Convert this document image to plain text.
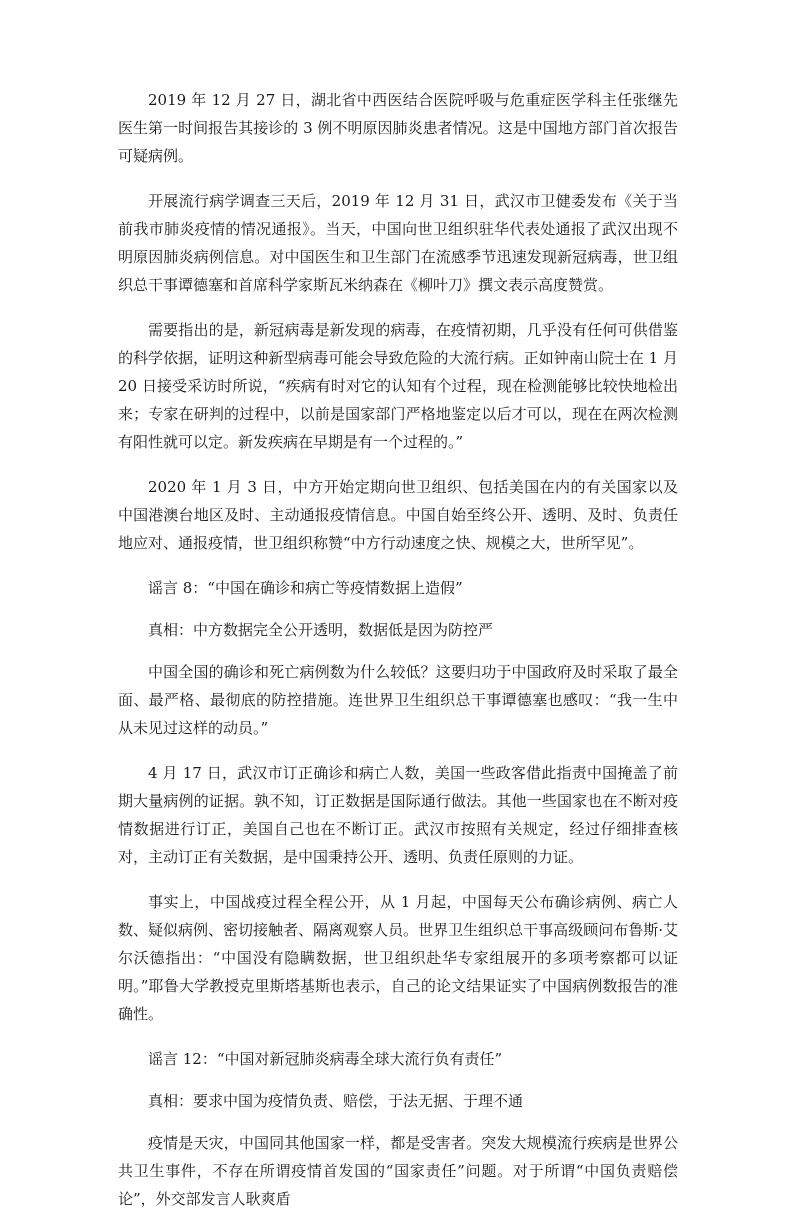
2019 年 12 月 27 日，湖北省中西医结合医院呼吸与危重症医学科主任张继先医生第一时间报告其接诊的 3 例不明原因肺炎患者情况。这是中国地方部门首次报告可疑病例。

开展流行病学调查三天后，2019 年 12 月 31 日，武汉市卫健委发布《关于当前我市肺炎疫情的情况通报》。当天，中国向世卫组织驻华代表处通报了武汉出现不明原因肺炎病例信息。对中国医生和卫生部门在流感季节迅速发现新冠病毒，世卫组织总干事谭德塞和首席科学家斯瓦米纳森在《柳叶刀》撰文表示高度赞赏。

需要指出的是，新冠病毒是新发现的病毒，在疫情初期，几乎没有任何可供借鉴的科学依据，证明这种新型病毒可能会导致危险的大流行病。正如钟南山院士在 1 月 20 日接受采访时所说，“疾病有时对它的认知有个过程，现在检测能够比较快地检出来；专家在研判的过程中，以前是国家部门严格地鉴定以后才可以，现在在两次检测有阳性就可以定。新发疾病在早期是有一个过程的。”

2020 年 1 月 3 日，中方开始定期向世卫组织、包括美国在内的有关国家以及中国港澳台地区及时、主动通报疫情信息。中国自始至终公开、透明、及时、负责任地应对、通报疫情，世卫组织称赞“中方行动速度之快、规模之大，世所罕见”。

谣言 8：“中国在确诊和病亡等疫情数据上造假”

真相：中方数据完全公开透明，数据低是因为防控严

中国全国的确诊和死亡病例数为什么较低？这要归功于中国政府及时采取了最全面、最严格、最彻底的防控措施。连世界卫生组织总干事谭德塞也感叹：“我一生中从未见过这样的动员。”

4 月 17 日，武汉市订正确诊和病亡人数，美国一些政客借此指责中国掩盖了前期大量病例的证据。孰不知，订正数据是国际通行做法。其他一些国家也在不断对疫情数据进行订正，美国自己也在不断订正。武汉市按照有关规定，经过仔细排查核对，主动订正有关数据，是中国秉持公开、透明、负责任原则的力证。

事实上，中国战疫过程全程公开，从 1 月起，中国每天公布确诊病例、病亡人数、疑似病例、密切接触者、隔离观察人员。世界卫生组织总干事高级顾问布鲁斯·艾尔沃德指出：“中国没有隐瞒数据，世卫组织赴华专家组展开的多项考察都可以证明。”耶鲁大学教授克里斯塔基斯也表示，自己的论文结果证实了中国病例数报告的准确性。

谣言 12：“中国对新冠肺炎病毒全球大流行负有责任”

真相：要求中国为疫情负责、赔偿，于法无据、于理不通

疫情是天灾，中国同其他国家一样，都是受害者。突发大规模流行疾病是世界公共卫生事件，不存在所谓疫情首发国的“国家责任”问题。对于所谓“中国负责赔偿论”，外交部发言人耿爽盾
